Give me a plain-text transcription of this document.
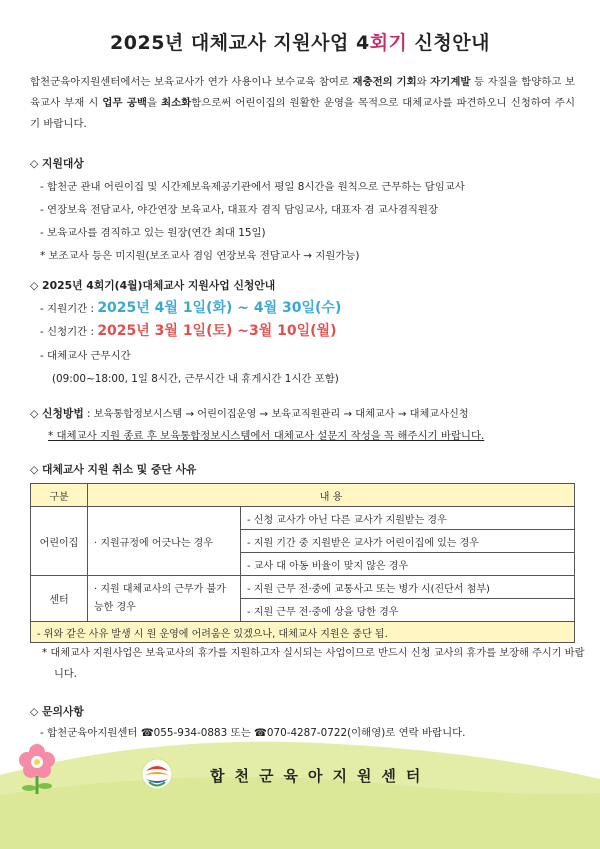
2025년 대체교사 지원사업 4회기 신청안내
합천군육아지원센터에서는 보육교사가 연가 사용이나 보수교육 참여로 재충전의 기회와 자기계발 등 자질을 함양하고 보육교사 부재 시 업무 공백을 최소화함으로써 어린이집의 원활한 운영을 목적으로 대체교사를 파견하오니 신청하여 주시기 바랍니다.
◇ 지원대상
- 합천군 관내 어린이집 및 시간제보육제공기관에서 평일 8시간을 원칙으로 근무하는 담임교사
- 연장보육 전담교사, 야간연장 보육교사, 대표자 겸직 담임교사, 대표자 겸 교사겸직원장
- 보육교사를 겸직하고 있는 원장(연간 최대 15일)
* 보조교사 등은 미지원(보조교사 겸임 연장보육 전담교사 → 지원가능)
◇ 2025년 4회기(4월)대체교사 지원사업 신청안내
- 지원기간 : 2025년 4월 1일(화) ~ 4월 30일(수)
- 신청기간 : 2025년 3월 1일(토) ~3월 10일(월)
- 대체교사 근무시간
(09:00~18:00, 1일 8시간, 근무시간 내 휴게시간 1시간 포함)
◇ 신청방법 : 보육통합정보시스템 → 어린이집운영 → 보육교직원관리 → 대체교사 → 대체교사신청
* 대체교사 지원 종료 후 보육통합정보시스템에서 대체교사 설문지 작성을 꼭 해주시기 바랍니다.
◇ 대체교사 지원 취소 및 중단 사유
구분	내 용	
어린이집	· 지원규정에 어긋나는 경우	- 신청 교사가 아닌 다른 교사가 지원받는 경우
		- 지원 기간 중 지원받은 교사가 어린이집에 있는 경우
		- 교사 대 아동 비율이 맞지 않은 경우
센터	· 지원 대체교사의 근무가 불가능한 경우	- 지원 근무 전·중에 교통사고 또는 병가 시(진단서 첨부)
		- 지원 근무 전·중에 상을 당한 경우
- 위와 같은 사유 발생 시 원 운영에 어려움은 있겠으나, 대체교사 지원은 중단 됨.		
* 대체교사 지원사업은 보육교사의 휴가를 지원하고자 실시되는 사업이므로 반드시 신청 교사의 휴가를 보장해 주시기 바랍니다.
◇ 문의사항
- 합천군육아지원센터 ☎055-934-0883 또는 ☎070-4287-0722(이해영)로 연락 바랍니다.
합천군육아지원센터
